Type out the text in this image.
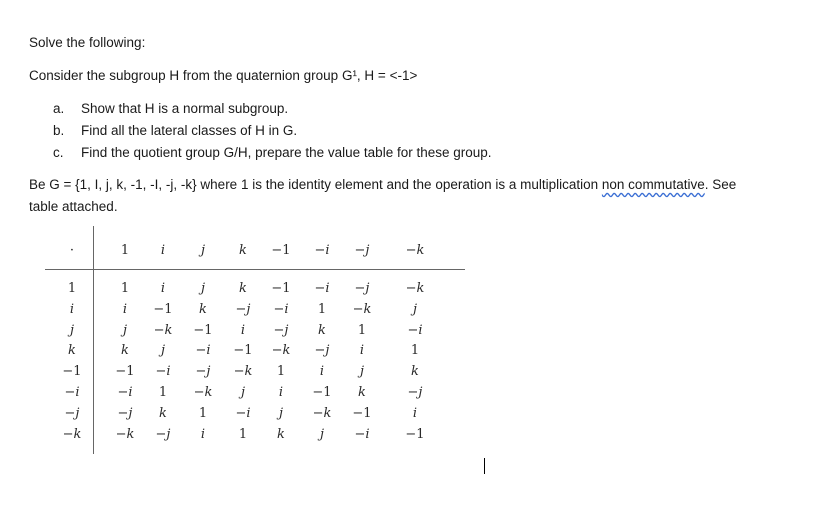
Solve the following:
Consider the subgroup H from the quaternion group G¹, H = <-1>
a. Show that H is a normal subgroup.
b. Find all the lateral classes of H in G.
c. Find the quotient group G/H, prepare the value table for these group.
Be G = {1, I, j, k, -1, -I, -j, -k} where 1 is the identity element and the operation is a multiplication non commutative. See
table attached.
·	1	i	j	k	−1	−i	−j	−k
1	1	i	j	k	−1	−i	−j	−k
i	i	−1	k	−j	−i	1	−k	j
j	j	−k	−1	i	−j	k	1	−i
k	k	j	−i	−1	−k	−j	i	1
−1	−1	−i	−j	−k	1	i	j	k
−i	−i	1	−k	j	i	−1	k	−j
−j	−j	k	1	−i	j	−k	−1	i
−k	−k	−j	i	1	k	j	−i	−1
